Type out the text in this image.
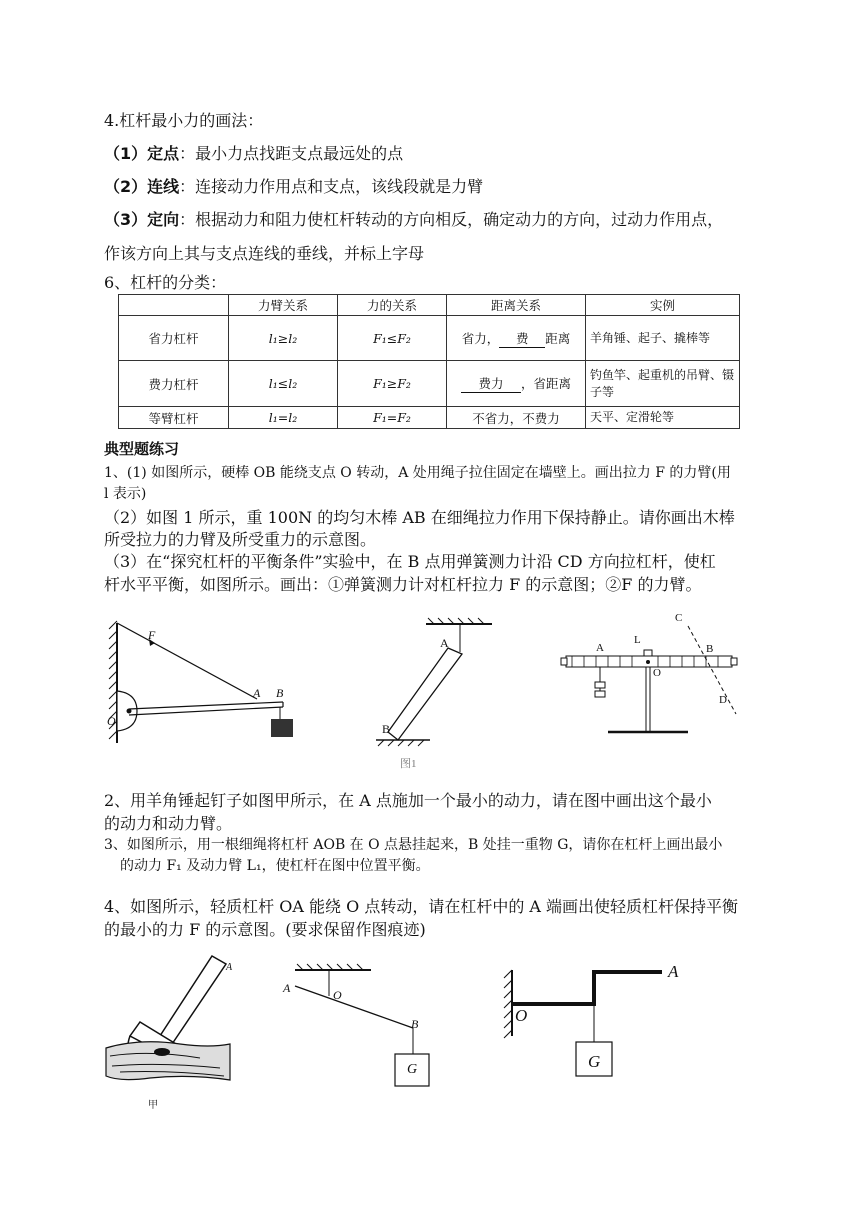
4.杠杆最小力的画法：
（1）定点：最小力点找距支点最远处的点
（2）连线：连接动力作用点和支点，该线段就是力臂
（3）定向：根据动力和阻力使杠杆转动的方向相反，确定动力的方向，过动力作用点，
作该方向上其与支点连线的垂线，并标上字母
6、杠杆的分类：
	力臂关系	力的关系	距离关系	实例
省力杠杆	l₁≥l₂	F₁≤F₂	省力， 费 距离	羊角锤、起子、撬棒等
费力杠杆	l₁≤l₂	F₁≥F₂	费力 ，省距离	钓鱼竿、起重机的吊臂、镊子等
等臂杠杆	l₁=l₂	F₁=F₂	不省力，不费力	天平、定滑轮等
典型题练习
1、(1) 如图所示，硬棒 OB 能绕支点 O 转动，A 处用绳子拉住固定在墙壁上。画出拉力 F 的力臂(用
l 表示)
（2）如图 1 所示，重 100N 的均匀木棒 AB 在细绳拉力作用下保持静止。请你画出木棒
所受拉力的力臂及所受重力的示意图。
（3）在“探究杠杆的平衡条件”实验中，在 B 点用弹簧测力计沿 CD 方向拉杠杆，使杠
杆水平平衡，如图所示。画出：①弹簧测力计对杠杆拉力 F 的示意图；②F 的力臂。
F
A B
O
A
B
图1
A
L
B
O
C
D
2、用羊角锤起钉子如图甲所示，在 A 点施加一个最小的动力，请在图中画出这个最小
的动力和动力臂。
3、如图所示，用一根细绳将杠杆 AOB 在 O 点悬挂起来，B 处挂一重物 G，请你在杠杆上画出最小
的动力 F₁ 及动力臂 L₁，使杠杆在图中位置平衡。
4、如图所示，轻质杠杆 OA 能绕 O 点转动，请在杠杆中的 A 端画出使轻质杠杆保持平衡
的最小的力 F 的示意图。(要求保留作图痕迹)
A
甲
A	O
B
G
A
O
G
